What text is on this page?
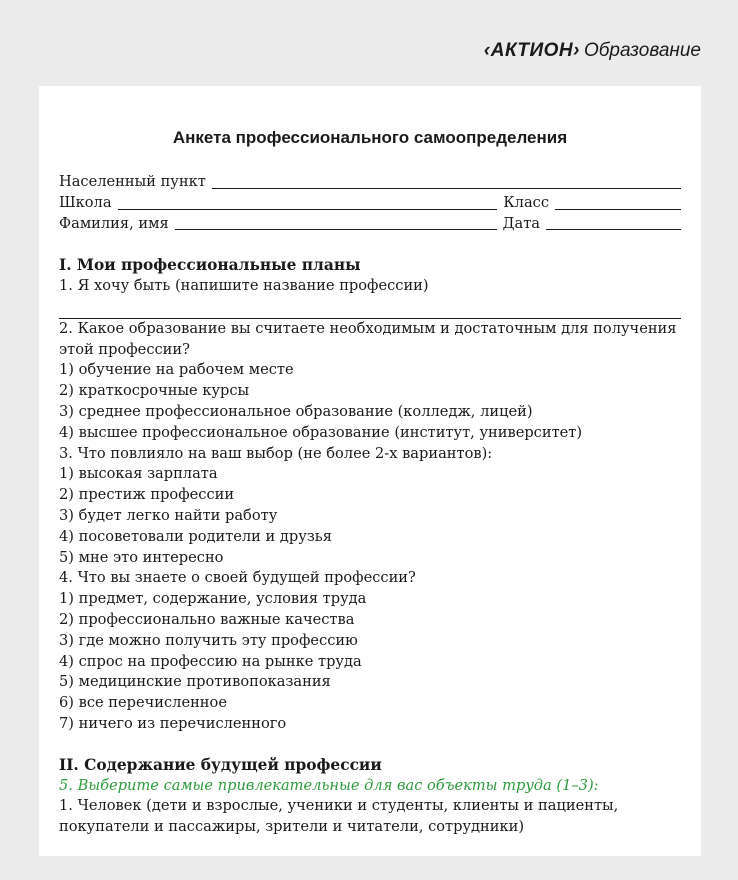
‹АКТИОН› Образование
Анкета профессионального самоопределения
Населенный пункт
Школа	Класс
Фамилия, имя	Дата
I. Мои профессиональные планы
1. Я хочу быть (напишите название профессии)
2. Какое образование вы считаете необходимым и достаточным для получения этой профессии?
1) обучение на рабочем месте
2) краткосрочные курсы
3) среднее профессиональное образование (колледж, лицей)
4) высшее профессиональное образование (институт, университет)
3. Что повлияло на ваш выбор (не более 2-х вариантов):
1) высокая зарплата
2) престиж профессии
3) будет легко найти работу
4) посоветовали родители и друзья
5) мне это интересно
4. Что вы знаете о своей будущей профессии?
1) предмет, содержание, условия труда
2) профессионально важные качества
3) где можно получить эту профессию
4) спрос на профессию на рынке труда
5) медицинские противопоказания
6) все перечисленное
7) ничего из перечисленного
II. Содержание будущей профессии
5. Выберите самые привлекательные для вас объекты труда (1–3):
1. Человек (дети и взрослые, ученики и студенты, клиенты и пациенты, покупатели и пассажиры, зрители и читатели, сотрудники)
